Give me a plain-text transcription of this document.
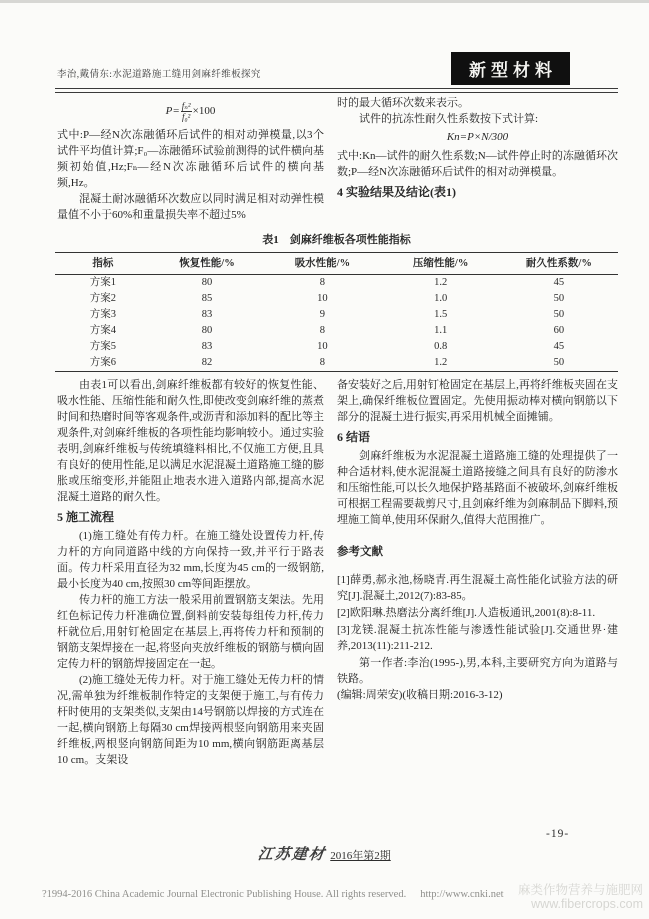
李治,戴倩东:水泥道路施工缝用剑麻纤维板探究	新型材料
$P= \frac{\text{fₙ²}}{\text{f₀²}} \times 100$

式中:P—经N次冻融循环后试件的相对动弹模量,以3个试件平均值计算;F₀—冻融循环试验前测得的试件横向基频初始值,Hz;Fₙ—经N次冻融循环后试件的横向基频,Hz。

混凝土耐冰融循环次数应以同时满足相对动弹性模量值不小于60%和重量损失率不超过5%

时的最大循环次数来表示。

试件的抗冻性耐久性系数按下式计算:

Kn=P×N/300

式中:Kn—试件的耐久性系数;N—试件停止时的冻融循环次数;P—经N次冻融循环后试件的相对动弹模量。

4 实验结果及结论(表1)
表1　剑麻纤维板各项性能指标
指标	恢复性能/%	吸水性能/%	压缩性能/%	耐久性系数/%
方案1	80	8	1.2	45
方案2	85	10	1.0	50
方案3	83	9	1.5	50
方案4	80	8	1.1	60
方案5	83	10	0.8	45
方案6	82	8	1.2	50

由表1可以看出,剑麻纤维板都有较好的恢复性能、吸水性能、压缩性能和耐久性,即使改变剑麻纤维的蒸煮时间和热磨时间等客观条件,或沥青和添加料的配比等主观条件,对剑麻纤维板的各项性能均影响较小。通过实验表明,剑麻纤维板与传统填缝料相比,不仅施工方便,且具有良好的使用性能,足以满足水泥混凝土道路施工缝的膨胀或压缩变形,并能阻止地表水进入道路内部,提高水泥混凝土道路的耐久性。

5 施工流程

(1)施工缝处有传力杆。在施工缝处设置传力杆,传力杆的方向同道路中线的方向保持一致,并平行于路表面。传力杆采用直径为32 mm,长度为45 cm的一级钢筋,最小长度为40 cm,按照30 cm等间距摆放。

传力杆的施工方法一般采用前置钢筋支架法。先用红色标记传力杆准确位置,倒料前安装每组传力杆,传力杆就位后,用射钉枪固定在基层上,再将传力杆和预制的钢筋支架焊接在一起,将竖向夹放纤维板的钢筋与横向固定传力杆的钢筋焊接固定在一起。

(2)施工缝处无传力杆。对于施工缝处无传力杆的情况,需单独为纤维板制作特定的支架便于施工,与有传力杆时使用的支架类似,支架由14号钢筋以焊接的方式连在一起,横向钢筋上每隔30 cm焊接两根竖向钢筋用来夹固纤维板,两根竖向钢筋间距为10 mm,横向钢筋距离基层10 cm。支架设

备安装好之后,用射钉枪固定在基层上,再将纤维板夹固在支架上,确保纤维板位置固定。先使用振动棒对横向钢筋以下部分的混凝土进行振实,再采用机械全面摊铺。

6 结语

剑麻纤维板为水泥混凝土道路施工缝的处理提供了一种合适材料,使水泥混凝土道路接缝之间具有良好的防渗水和压缩性能,可以长久地保护路基路面不被破坏,剑麻纤维板可根据工程需要裁剪尺寸,且剑麻纤维为剑麻制品下脚料,预埋施工简单,使用环保耐久,值得大范围推广。

参考文献

[1]薛勇,郝永池,杨晓青.再生混凝土高性能化试验方法的研究[J].混凝土,2012(7):83-85。

[2]欧阳琳.热磨法分离纤维[J].人造板通讯,2001(8):8-11.

[3]龙镁.混凝土抗冻性能与渗透性能试验[J].交通世界·建养,2013(11):211-212.

第一作者:李治(1995-),男,本科,主要研究方向为道路与铁路。

(编辑:周荣安)(收稿日期:2016-3-12)

-19-
江苏建材 2016年第2期
?1994-2016 China Academic Journal Electronic Publishing House. All rights reserved. http://www.cnki.net 麻类作物营养与施肥网
www.fibercrops.com
